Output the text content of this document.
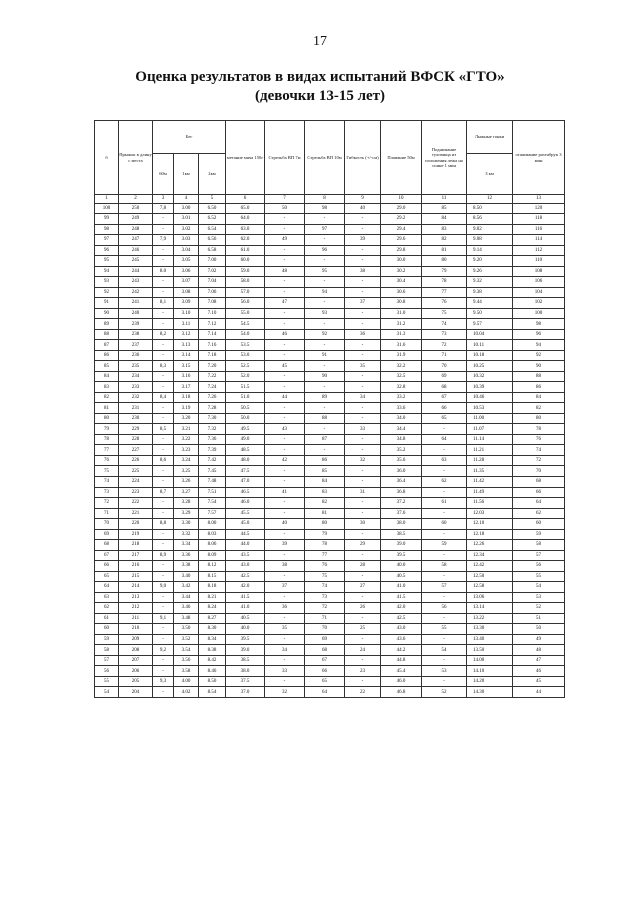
17
Оценка результатов в видах испытаний ВФСК «ГТО»
(девочки 13-15 лет)
б	Прыжок в длину с места	Бег			метание мяча 150г	Стрельба ВП 7м	Стрельба ВП 10м	Гибкость (+/-см)	Плавание 50м	Поднимание туловища из положения лежа на спине 1 мин	Лыжные гонки	отжимание разгибрук 3 мин
		60м	1км	2км							3 км	
1	2	3	4	5	6	7	8	9	10	11	12	13
100	250	7,8	3.00	6.50	65.0	50	98	40	29.0	85	8.50	120
99	249	-	3.01	6.52	64.0	-	-	-	29.2	84	8.56	118
98	248	-	3.02	6.54	63.0	-	97	-	29.4	83	9.02	116
97	247	7,9	3.03	6.56	62.0	49	-	39	29.6	82	9.08	114
96	246	-	3.04	6.58	61.0	-	96	-	29.8	81	9.14	112
95	245	-	3.05	7.00	60.0	-	-	-	30.0	80	9.20	110
94	244	8.0	3.06	7.02	59.0	48	95	38	30.2	79	9.26	108
93	243	-	3.07	7.04	58.0	-	-	-	30.4	78	9.32	106
92	242	-	3.08	7.06	57.0	-	94	-	30.6	77	9.38	104
91	241	8,1	3.09	7.08	56.0	47	-	37	30.8	76	9.44	102
90	240	-	3.10	7.10	55.0	-	93	-	31.0	75	9.50	100
89	239	-	3.11	7.12	54.5	-	-	-	31.2	74	9.57	98
88	238	8,2	3.12	7.14	54.0	46	92	36	31.3	73	10.04	96
87	237	-	3.13	7.16	53.5	-	-	-	31.6	72	10.11	94
86	236	-	3.14	7.18	53.0	-	91	-	31.9	71	10.18	92
85	235	8,3	3.15	7.20	52.5	45	-	35	32.2	70	10.25	90
84	234	-	3.16	7.22	52.0	-	90	-	32.5	69	10.32	88
83	233	-	3.17	7.24	51.5	-	-	-	32.8	68	10.39	86
82	232	8,4	3.18	7.26	51.0	44	89	34	33.2	67	10.46	84
81	231	-	3.19	7.28	50.5	-	-	-	33.6	66	10.53	82
80	230	-	3.20	7.30	50.0	-	88	-	34.0	65	11.00	80
79	229	8,5	3.21	7.32	49.5	43	-	33	34.4	-	11.07	78
78	228	-	3.22	7.36	49.0	-	87	-	34.8	64	11.14	76
77	227	-	3.23	7.39	48.5	-	-	-	35.2	-	11.21	74
76	226	8,6	3.24	7.42	48.0	42	86	32	35.6	63	11.28	72
75	225	-	3.25	7.45	47.5	-	85	-	36.0	-	11.35	70
74	224	-	3.26	7.48	47.0	-	84	-	36.4	62	11.42	68
73	223	8,7	3.27	7.51	46.5	41	83	31	36.8	-	11.49	66
72	222	-	3.28	7.54	46.0	-	82	-	37.2	61	11.56	64
71	221	-	3.29	7.57	45.5	-	81	-	37.6	-	12.03	62
70	220	8,8	3.30	8.00	45.0	40	80	30	38.0	60	12.10	60
69	219	-	3.32	8.03	44.5	-	79	-	38.5	-	12.18	59
68	218	-	3.34	8.06	44.0	39	78	29	39.0	59	12.26	58
67	217	8,9	3.36	8.09	43.5	-	77	-	39.5	-	12.34	57
66	216	-	3.38	8.12	43.0	38	76	28	40.0	58	12.42	56
65	215	-	3.40	8.15	42.5	-	75	-	40.5	-	12.50	55
64	214	9,0	3.42	8.18	42.0	37	74	27	41.0	57	12.58	54
63	213	-	3.44	8.21	41.5	-	73	-	41.5	-	13.06	53
62	212	-	3.46	8.24	41.0	36	72	26	42.0	56	13.14	52
61	211	9,1	3.48	8.27	40.5	-	71	-	42.5	-	13.22	51
60	210	-	3.50	8.30	40.0	35	70	25	43.0	55	13.30	50
59	209	-	3.52	8.34	39.5	-	69	-	43.6	-	13.40	49
58	208	9,2	3.54	8.38	39.0	34	68	24	44.2	54	13.50	48
57	207	-	3.56	8.42	38.5	-	67	-	44.8	-	14.00	47
56	206	-	3.58	8.46	38.0	33	66	23	45.4	53	14.10	46
55	205	9,3	4.00	8.50	37.5	-	65	-	46.0	-	14.20	45
54	204	-	4.02	8.54	37.0	32	64	22	46.8	52	14.30	44
